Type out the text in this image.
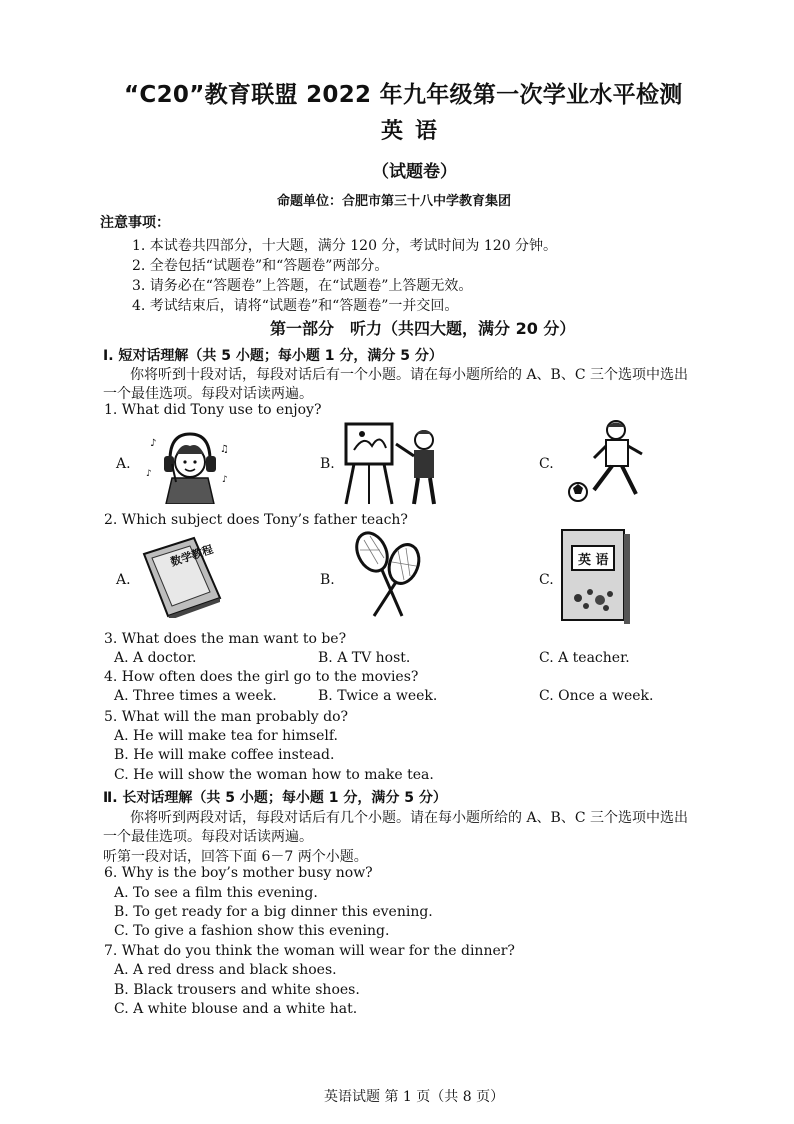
“C20”教育联盟 2022 年九年级第一次学业水平检测
英语
（试题卷）
命题单位：合肥市第三十八中学教育集团
注意事项：
1. 本试卷共四部分，十大题，满分 120 分，考试时间为 120 分钟。
2. 全卷包括“试题卷”和“答题卷”两部分。
3. 请务必在“答题卷”上答题，在“试题卷”上答题无效。
4. 考试结束后，请将“试题卷”和“答题卷”一并交回。
第一部分　听力（共四大题，满分 20 分）
Ⅰ. 短对话理解（共 5 小题；每小题 1 分，满分 5 分）
你将听到十段对话，每段对话后有一个小题。请在每小题所给的 A、B、C 三个选项中选出
一个最佳选项。每段对话读两遍。
1. What did Tony use to enjoy?
A.	B.	C.
♪
♫
♪
♪
2. Which subject does Tony’s father teach?
A.	B.	C.
数学教程	英 语
3. What does the man want to be?
A. A doctor.	B. A TV host.	C. A teacher.
4. How often does the girl go to the movies?
A. Three times a week.	B. Twice a week.	C. Once a week.
5. What will the man probably do?
A. He will make tea for himself.
B. He will make coffee instead.
C. He will show the woman how to make tea.
Ⅱ. 长对话理解（共 5 小题；每小题 1 分，满分 5 分）
你将听到两段对话，每段对话后有几个小题。请在每小题所给的 A、B、C 三个选项中选出
一个最佳选项。每段对话读两遍。
听第一段对话，回答下面 6－7 两个小题。
6. Why is the boy’s mother busy now?
A. To see a film this evening.
B. To get ready for a big dinner this evening.
C. To give a fashion show this evening.
7. What do you think the woman will wear for the dinner?
A. A red dress and black shoes.
B. Black trousers and white shoes.
C. A white blouse and a white hat.
英语试题 第 1 页（共 8 页）
